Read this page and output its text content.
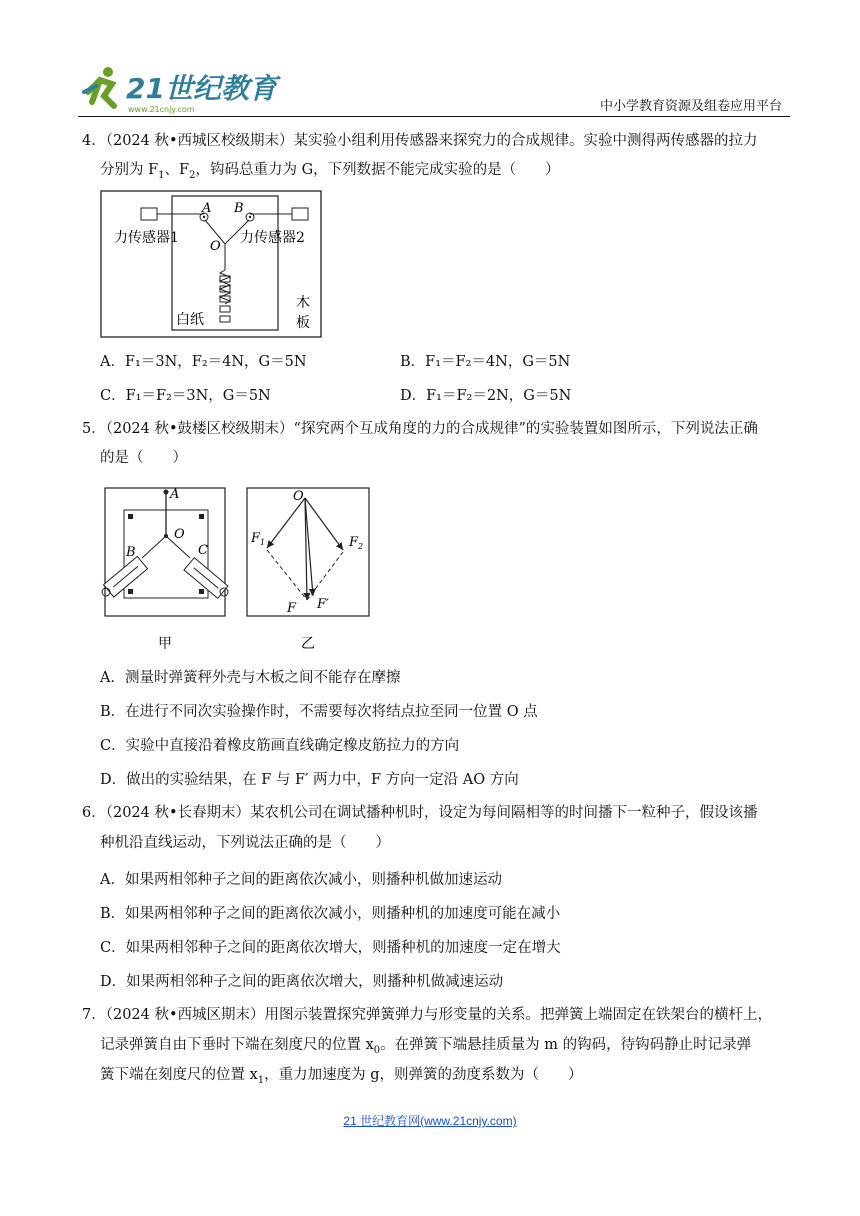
21世纪教育
www.21cnjy.com	中小学教育资源及组卷应用平台
4．（2024 秋•西城区校级期末）某实验小组利用传感器来探究力的合成规律。实验中测得两传感器的拉力
分别为 $F_1$、$F_2$，钩码总重力为 G，下列数据不能完成实验的是（　　）
A B
O
力传感器1	力传感器2
白纸
木
板
A．F₁＝3N，F₂＝4N，G＝5N	B．F₁＝F₂＝4N，G＝5N
C．F₁＝F₂＝3N，G＝5N	D．F₁＝F₂＝2N，G＝5N
5．（2024 秋•鼓楼区校级期末）“探究两个互成角度的力的合成规律”的实验装置如图所示，下列说法正确
的是（　　）
A
O
B	C
甲
O
$F_1$	$F_2$
F F′
乙
A．测量时弹簧秤外壳与木板之间不能存在摩擦
B．在进行不同次实验操作时，不需要每次将结点拉至同一位置 O 点
C．实验中直接沿着橡皮筋画直线确定橡皮筋拉力的方向
D．做出的实验结果，在 F 与 F′ 两力中，F 方向一定沿 AO 方向
6．（2024 秋•长春期末）某农机公司在调试播种机时，设定为每间隔相等的时间播下一粒种子，假设该播
种机沿直线运动，下列说法正确的是（　　）
A．如果两相邻种子之间的距离依次减小，则播种机做加速运动
B．如果两相邻种子之间的距离依次减小，则播种机的加速度可能在减小
C．如果两相邻种子之间的距离依次增大，则播种机的加速度一定在增大
D．如果两相邻种子之间的距离依次增大，则播种机做减速运动
7．（2024 秋•西城区期末）用图示装置探究弹簧弹力与形变量的关系。把弹簧上端固定在铁架台的横杆上，
记录弹簧自由下垂时下端在刻度尺的位置 $x_0$。在弹簧下端悬挂质量为 m 的钩码，待钩码静止时记录弹
簧下端在刻度尺的位置 $x_1$，重力加速度为 g，则弹簧的劲度系数为（　　）
21 世纪教育网(www.21cnjy.com)
